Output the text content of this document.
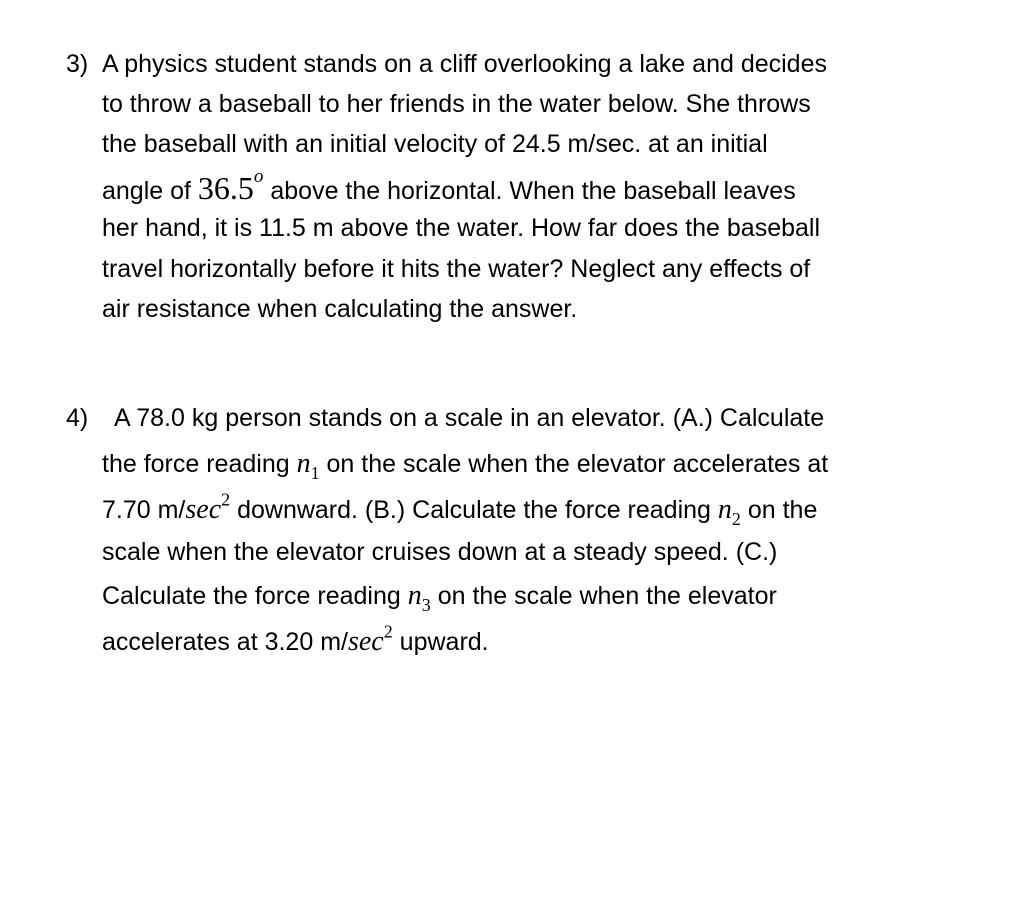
3) A physics student stands on a cliff overlooking a lake and decides
to throw a baseball to her friends in the water below. She throws
the baseball with an initial velocity of 24.5 m/sec. at an initial
angle of 36.5$^o$ above the horizontal. When the baseball leaves
her hand, it is 11.5 m above the water. How far does the baseball
travel horizontally before it hits the water? Neglect any effects of
air resistance when calculating the answer.
4) A 78.0 kg person stands on a scale in an elevator. (A.) Calculate
the force reading $n_1$ on the scale when the elevator accelerates at
7.70 $m/\sec^2$ downward. (B.) Calculate the force reading $n_2$ on the
scale when the elevator cruises down at a steady speed. (C.)
Calculate the force reading $n_3$ on the scale when the elevator
accelerates at 3.20 $m/\sec^2$ upward.
